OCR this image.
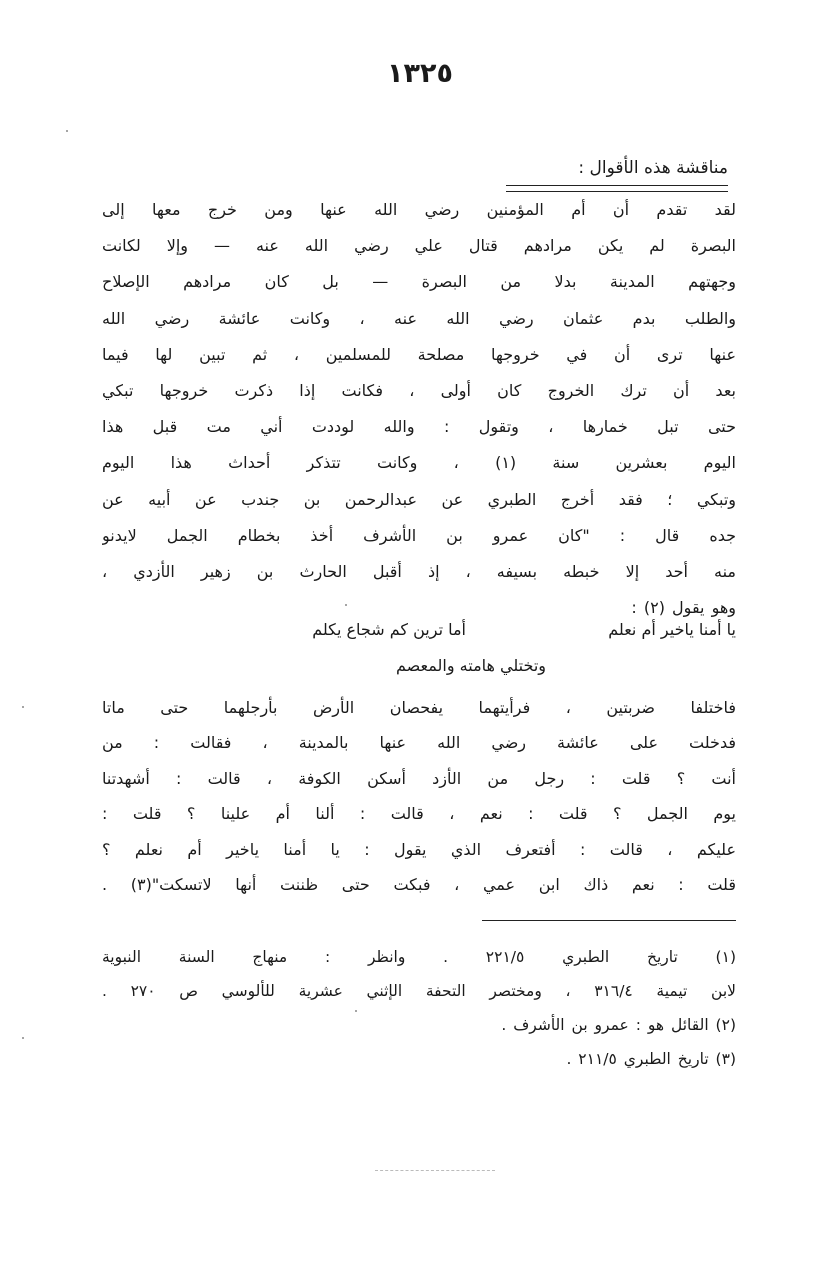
١٣٢٥
مناقشة هذه الأقوال :
لقد تقدم أن أم المؤمنين رضي الله عنها ومن خرج معها إلى
البصرة لم يكن مرادهم قتال علي رضي الله عنه — وإلا لكانت
وجهتهم المدينة بدلا من البصرة — بل كان مرادهم الإصلاح
والطلب بدم عثمان رضي الله عنه ، وكانت عائشة رضي الله
عنها ترى أن في خروجها مصلحة للمسلمين ، ثم تبين لها فيما
بعد أن ترك الخروج كان أولى ، فكانت إذا ذكرت خروجها تبكي
حتى تبل خمارها ، وتقول : والله لوددت أني مت قبل هذا
اليوم بعشرين سنة (١) ، وكانت تتذكر أحداث هذا اليوم
وتبكي ؛ فقد أخرج الطبري عن عبدالرحمن بن جندب عن أبيه عن
جده قال : "كان عمرو بن الأشرف أخذ بخطام الجمل لايدنو
منه أحد إلا خبطه بسيفه ، إذ أقبل الحارث بن زهير الأزدي ،
وهو يقول (٢) :
يا أمنا ياخير أم نعلم
أما ترين كم شجاع يكلم
وتختلي هامته والمعصم
فاختلفا ضربتين ، فرأيتهما يفحصان الأرض بأرجلهما حتى ماتا
فدخلت على عائشة رضي الله عنها بالمدينة ، فقالت : من
أنت ؟ قلت : رجل من الأزد أسكن الكوفة ، قالت : أشهدتنا
يوم الجمل ؟ قلت : نعم ، قالت : ألنا أم علينا ؟ قلت :
عليكم ، قالت : أفتعرف الذي يقول : يا أمنا ياخير أم نعلم ؟
قلت : نعم ذاك ابن عمي ، فبكت حتى ظننت أنها لاتسكت"(٣) .
(١) تاريخ الطبري ٢٢١/٥ . وانظر : منهاج السنة النبوية
لابن تيمية ٣١٦/٤ ، ومختصر التحفة الإثني عشرية للألوسي ص ٢٧٠ .
(٢) القائل هو : عمرو بن الأشرف .
(٣) تاريخ الطبري ٢١١/٥ .
